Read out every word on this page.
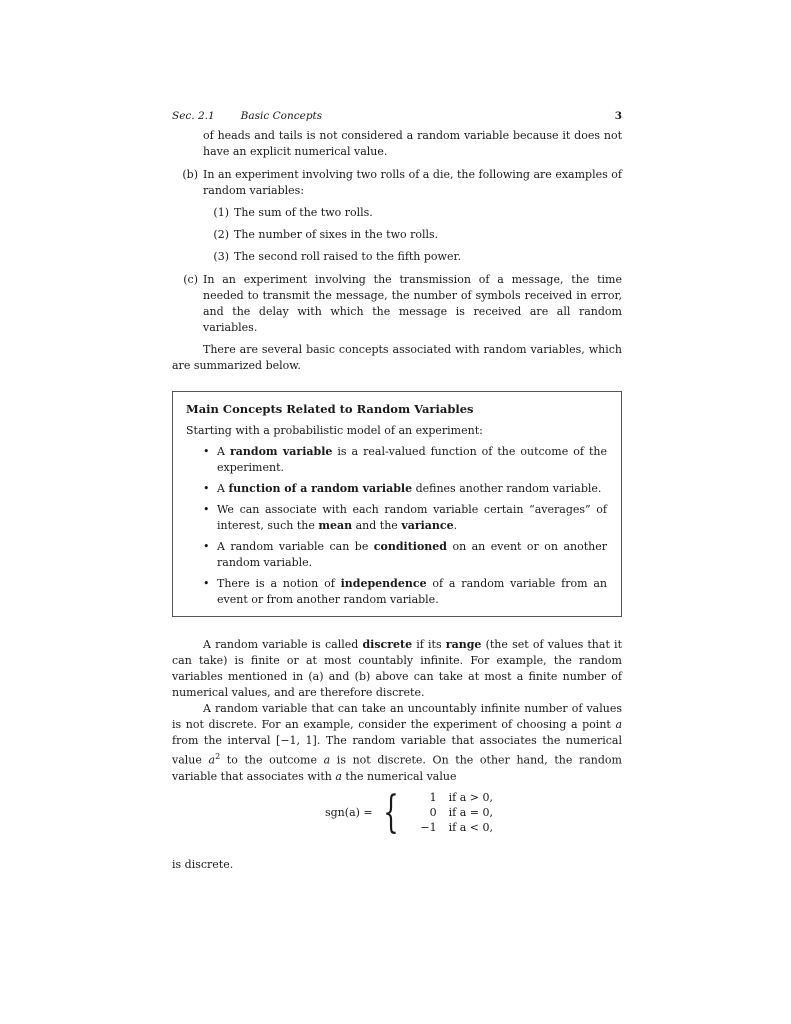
Sec. 2.1 Basic Concepts	3

of heads and tails is not considered a random variable because it does not have an explicit numerical value.

(b) In an experiment involving two rolls of a die, the following are examples of random variables:
(1) The sum of the two rolls.
(2) The number of sixes in the two rolls.
(3) The second roll raised to the fifth power.
(c) In an experiment involving the transmission of a message, the time needed to transmit the message, the number of symbols received in error, and the delay with which the message is received are all random variables.

There are several basic concepts associated with random variables, which are summarized below.

Main Concepts Related to Random Variables
Starting with a probabilistic model of an experiment:
• A random variable is a real-valued function of the outcome of the experiment.
• A function of a random variable defines another random variable.
• We can associate with each random variable certain “averages” of interest, such the mean and the variance.
• A random variable can be conditioned on an event or on another random variable.
• There is a notion of independence of a random variable from an event or from another random variable.

A random variable is called discrete if its range (the set of values that it can take) is finite or at most countably infinite. For example, the random variables mentioned in (a) and (b) above can take at most a finite number of numerical values, and are therefore discrete.

A random variable that can take an uncountably infinite number of values is not discrete. For an example, consider the experiment of choosing a point a from the interval [−1, 1]. The random variable that associates the numerical value $a^2$ to the outcome a is not discrete. On the other hand, the random variable that associates with a the numerical value

sgn(a) = {	1	if a > 0,
0	if a = 0,
−1	if a < 0,

is discrete.
